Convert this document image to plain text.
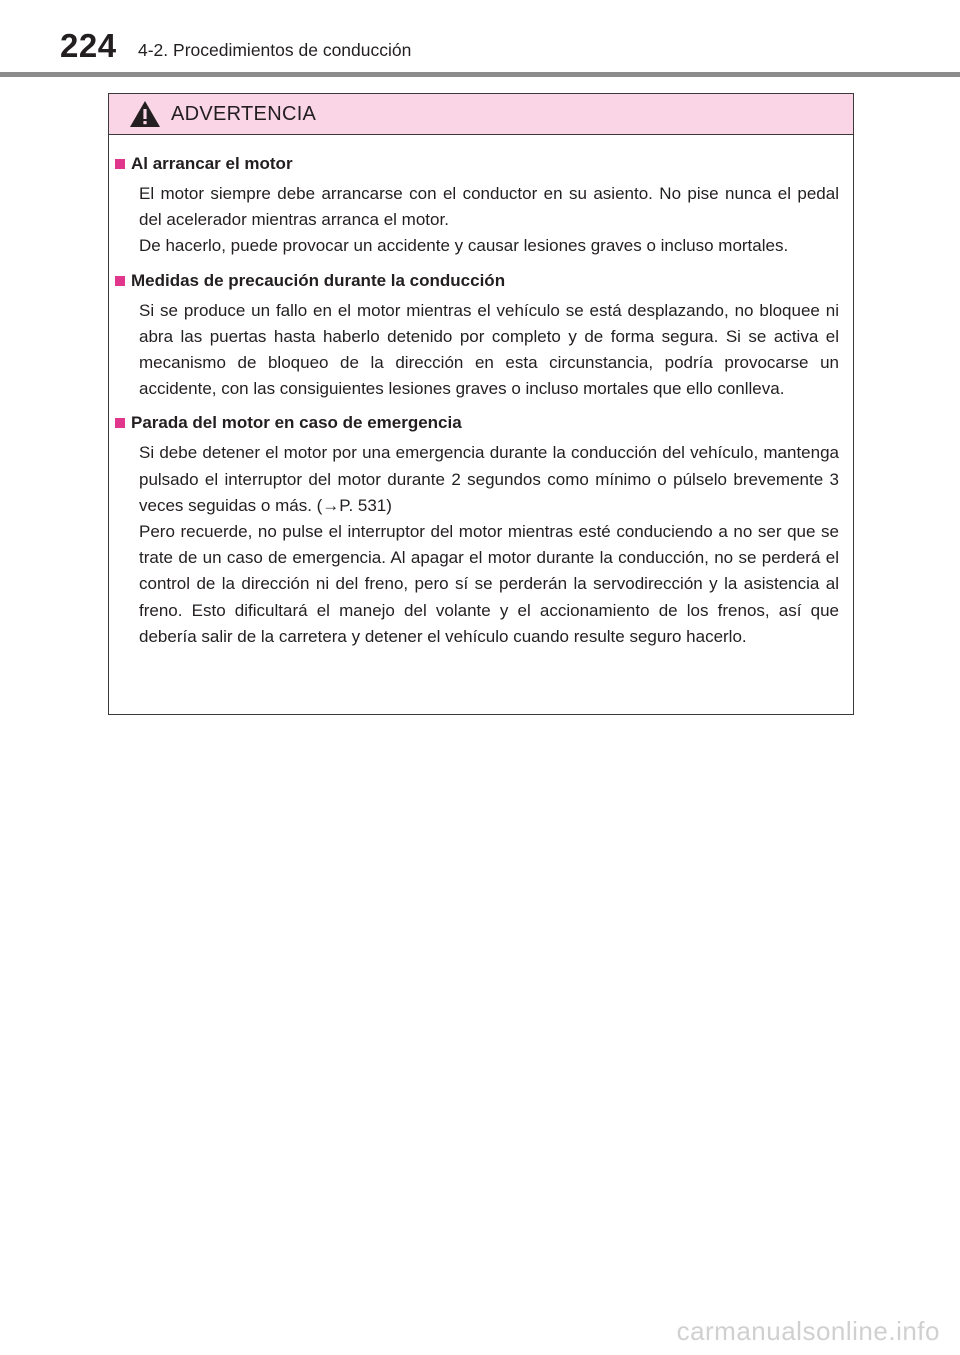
224 4-2. Procedimientos de conducción
ADVERTENCIA
Al arrancar el motor
El motor siempre debe arrancarse con el conductor en su asiento. No pise nunca el pedal del acelerador mientras arranca el motor.
De hacerlo, puede provocar un accidente y causar lesiones graves o incluso mortales.
Medidas de precaución durante la conducción
Si se produce un fallo en el motor mientras el vehículo se está desplazando, no bloquee ni abra las puertas hasta haberlo detenido por completo y de forma segura. Si se activa el mecanismo de bloqueo de la dirección en esta circunstancia, podría provocarse un accidente, con las consiguientes lesiones graves o incluso mortales que ello conlleva.
Parada del motor en caso de emergencia
Si debe detener el motor por una emergencia durante la conducción del vehículo, mantenga pulsado el interruptor del motor durante 2 segundos como mínimo o púlselo brevemente 3 veces seguidas o más. (→P. 531)
Pero recuerde, no pulse el interruptor del motor mientras esté conduciendo a no ser que se trate de un caso de emergencia. Al apagar el motor durante la conducción, no se perderá el control de la dirección ni del freno, pero sí se perderán la servodirección y la asistencia al freno. Esto dificultará el manejo del volante y el accionamiento de los frenos, así que debería salir de la carretera y detener el vehículo cuando resulte seguro hacerlo.
carmanualsonline.info
